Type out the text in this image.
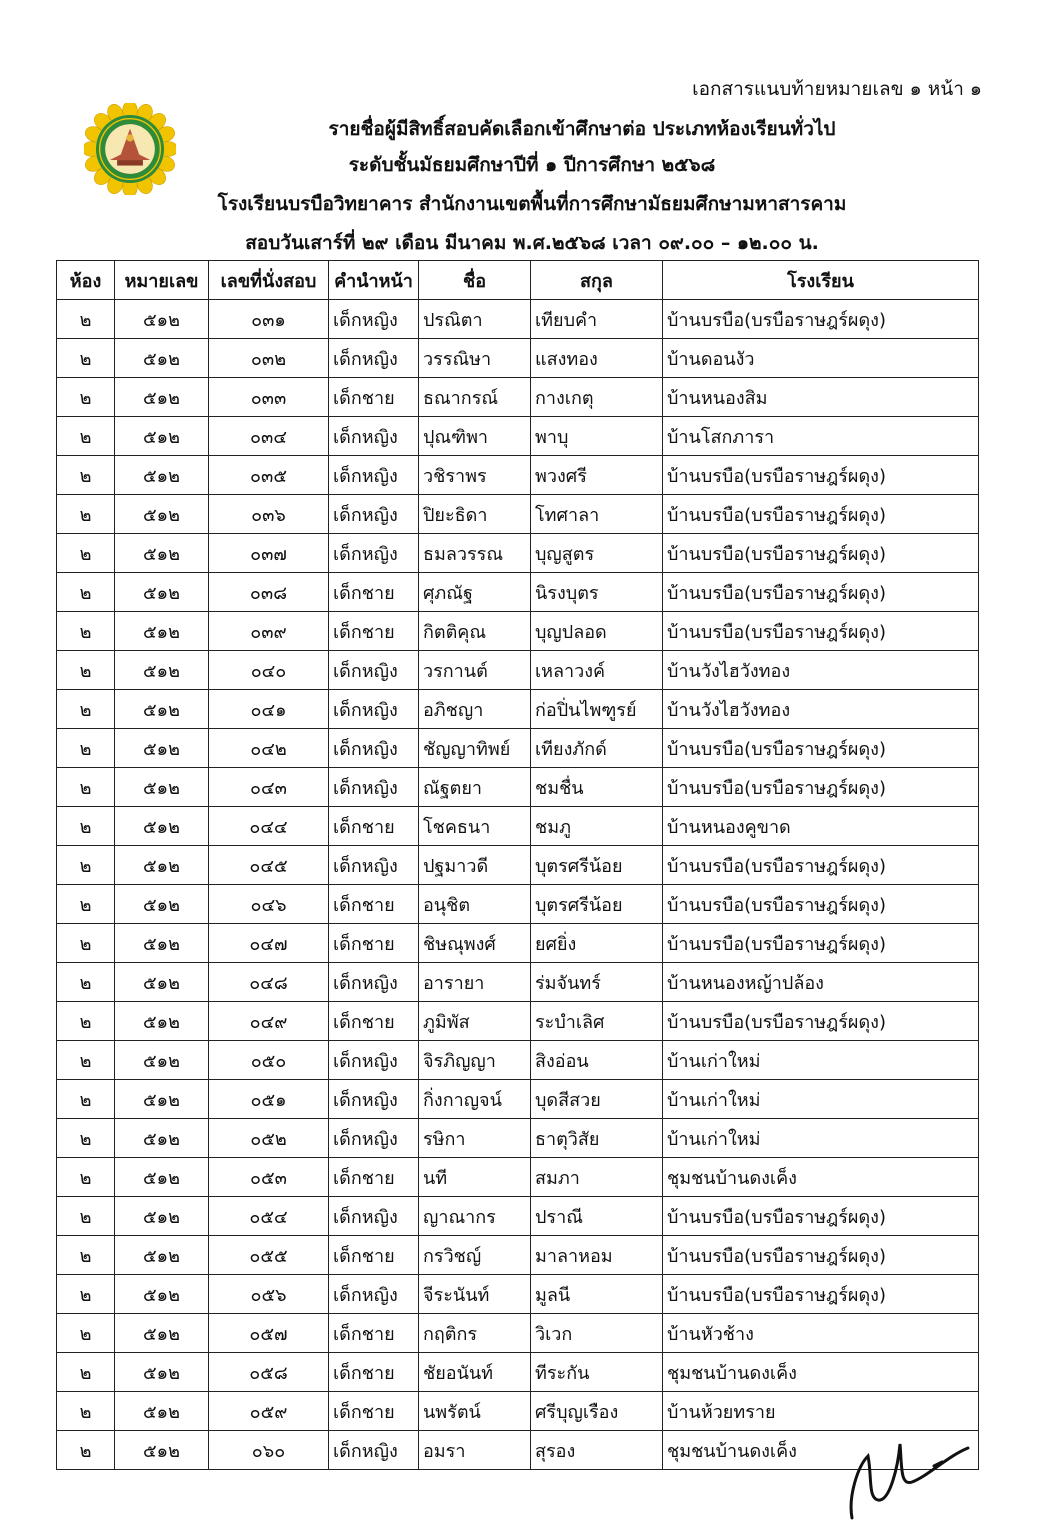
เอกสารแนบท้ายหมายเลข ๑ หน้า ๑
รายชื่อผู้มีสิทธิ์สอบคัดเลือกเข้าศึกษาต่อ ประเภทห้องเรียนทั่วไป
ระดับชั้นมัธยมศึกษาปีที่ ๑ ปีการศึกษา ๒๕๖๘
โรงเรียนบรบือวิทยาคาร สำนักงานเขตพื้นที่การศึกษามัธยมศึกษามหาสารคาม
สอบวันเสาร์ที่ ๒๙ เดือน มีนาคม พ.ศ.๒๕๖๘ เวลา ๐๙.๐๐ – ๑๒.๐๐ น.
ห้อง	หมายเลข	เลขที่นั่งสอบ	คำนำหน้า	ชื่อ	สกุล	โรงเรียน
๒	๕๑๒	๐๓๑	เด็กหญิง	ปรณิตา	เทียบคำ	บ้านบรบือ(บรบือราษฎร์ผดุง)
๒	๕๑๒	๐๓๒	เด็กหญิง	วรรณิษา	แสงทอง	บ้านดอนงัว
๒	๕๑๒	๐๓๓	เด็กชาย	ธณากรณ์	กางเกตุ	บ้านหนองสิม
๒	๕๑๒	๐๓๔	เด็กหญิง	ปุณฑิพา	พาบุ	บ้านโสกภารา
๒	๕๑๒	๐๓๕	เด็กหญิง	วชิราพร	พวงศรี	บ้านบรบือ(บรบือราษฎร์ผดุง)
๒	๕๑๒	๐๓๖	เด็กหญิง	ปิยะธิดา	โทศาลา	บ้านบรบือ(บรบือราษฎร์ผดุง)
๒	๕๑๒	๐๓๗	เด็กหญิง	ธมลวรรณ	บุญสูตร	บ้านบรบือ(บรบือราษฎร์ผดุง)
๒	๕๑๒	๐๓๘	เด็กชาย	ศุภณัฐ	นิรงบุตร	บ้านบรบือ(บรบือราษฎร์ผดุง)
๒	๕๑๒	๐๓๙	เด็กชาย	กิตติคุณ	บุญปลอด	บ้านบรบือ(บรบือราษฎร์ผดุง)
๒	๕๑๒	๐๔๐	เด็กหญิง	วรกานต์	เหลาวงค์	บ้านวังไฮวังทอง
๒	๕๑๒	๐๔๑	เด็กหญิง	อภิชญา	ก่อปิ่นไพฑูรย์	บ้านวังไฮวังทอง
๒	๕๑๒	๐๔๒	เด็กหญิง	ชัญญาทิพย์	เทียงภักด์	บ้านบรบือ(บรบือราษฎร์ผดุง)
๒	๕๑๒	๐๔๓	เด็กหญิง	ณัฐตยา	ชมชื่น	บ้านบรบือ(บรบือราษฎร์ผดุง)
๒	๕๑๒	๐๔๔	เด็กชาย	โชคธนา	ชมภู	บ้านหนองคูขาด
๒	๕๑๒	๐๔๕	เด็กหญิง	ปฐมาวดี	บุตรศรีน้อย	บ้านบรบือ(บรบือราษฎร์ผดุง)
๒	๕๑๒	๐๔๖	เด็กชาย	อนุชิต	บุตรศรีน้อย	บ้านบรบือ(บรบือราษฎร์ผดุง)
๒	๕๑๒	๐๔๗	เด็กชาย	ชิษณุพงศ์	ยศยิ่ง	บ้านบรบือ(บรบือราษฎร์ผดุง)
๒	๕๑๒	๐๔๘	เด็กหญิง	อารายา	ร่มจันทร์	บ้านหนองหญ้าปล้อง
๒	๕๑๒	๐๔๙	เด็กชาย	ภูมิพัส	ระบำเลิศ	บ้านบรบือ(บรบือราษฎร์ผดุง)
๒	๕๑๒	๐๕๐	เด็กหญิง	จิรภิญญา	สิงอ่อน	บ้านเก่าใหม่
๒	๕๑๒	๐๕๑	เด็กหญิง	กิ่งกาญจน์	บุดสีสวย	บ้านเก่าใหม่
๒	๕๑๒	๐๕๒	เด็กหญิง	รษิกา	ธาตุวิสัย	บ้านเก่าใหม่
๒	๕๑๒	๐๕๓	เด็กชาย	นที	สมภา	ชุมชนบ้านดงเค็ง
๒	๕๑๒	๐๕๔	เด็กหญิง	ญาณากร	ปราณี	บ้านบรบือ(บรบือราษฎร์ผดุง)
๒	๕๑๒	๐๕๕	เด็กชาย	กรวิชญ์	มาลาหอม	บ้านบรบือ(บรบือราษฎร์ผดุง)
๒	๕๑๒	๐๕๖	เด็กหญิง	จีระนันท์	มูลนี	บ้านบรบือ(บรบือราษฎร์ผดุง)
๒	๕๑๒	๐๕๗	เด็กชาย	กฤติกร	วิเวก	บ้านหัวช้าง
๒	๕๑๒	๐๕๘	เด็กชาย	ชัยอนันท์	ทีระกัน	ชุมชนบ้านดงเค็ง
๒	๕๑๒	๐๕๙	เด็กชาย	นพรัตน์	ศรีบุญเรือง	บ้านห้วยทราย
๒	๕๑๒	๐๖๐	เด็กหญิง	อมรา	สุรอง	ชุมชนบ้านดงเค็ง
